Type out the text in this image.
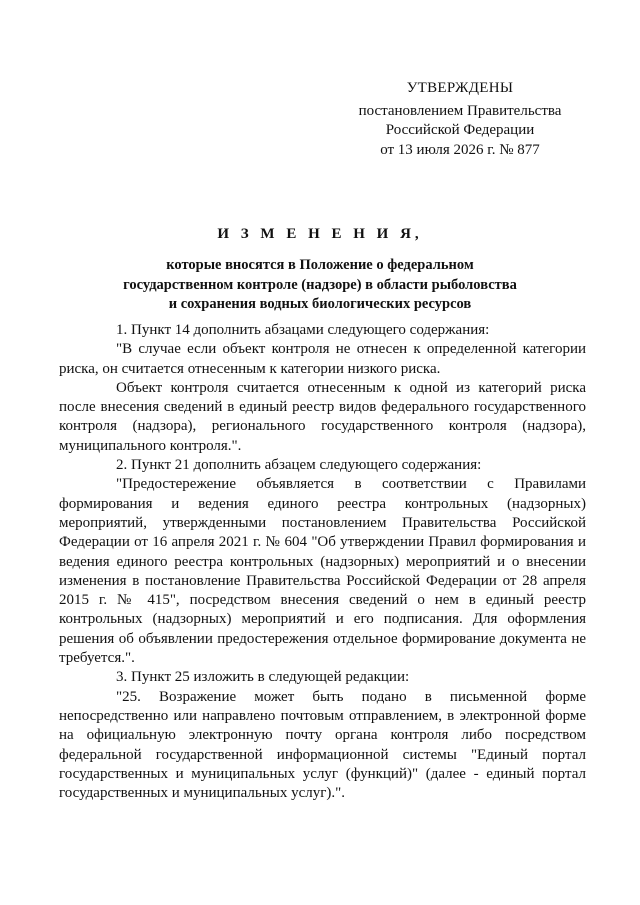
УТВЕРЖДЕНЫ
постановлением Правительства
Российской Федерации
от 13 июля 2026 г. № 877
И З М Е Н Е Н И Я,
которые вносятся в Положение о федеральном
государственном контроле (надзоре) в области рыболовства
и сохранения водных биологических ресурсов

1. Пункт 14 дополнить абзацами следующего содержания:

"В случае если объект контроля не отнесен к определенной категории риска, он считается отнесенным к категории низкого риска.

Объект контроля считается отнесенным к одной из категорий риска после внесения сведений в единый реестр видов федерального государственного контроля (надзора), регионального государственного контроля (надзора), муниципального контроля.".

2. Пункт 21 дополнить абзацем следующего содержания:

"Предостережение объявляется в соответствии с Правилами формирования и ведения единого реестра контрольных (надзорных) мероприятий, утвержденными постановлением Правительства Российской Федерации от 16 апреля 2021 г. № 604 "Об утверждении Правил формирования и ведения единого реестра контрольных (надзорных) мероприятий и о внесении изменения в постановление Правительства Российской Федерации от 28 апреля 2015 г. № 415", посредством внесения сведений о нем в единый реестр контрольных (надзорных) мероприятий и его подписания. Для оформления решения об объявлении предостережения отдельное формирование документа не требуется.".

3. Пункт 25 изложить в следующей редакции:

"25. Возражение может быть подано в письменной форме непосредственно или направлено почтовым отправлением, в электронной форме на официальную электронную почту органа контроля либо посредством федеральной государственной информационной системы "Единый портал государственных и муниципальных услуг (функций)" (далее - единый портал государственных и муниципальных услуг).".
